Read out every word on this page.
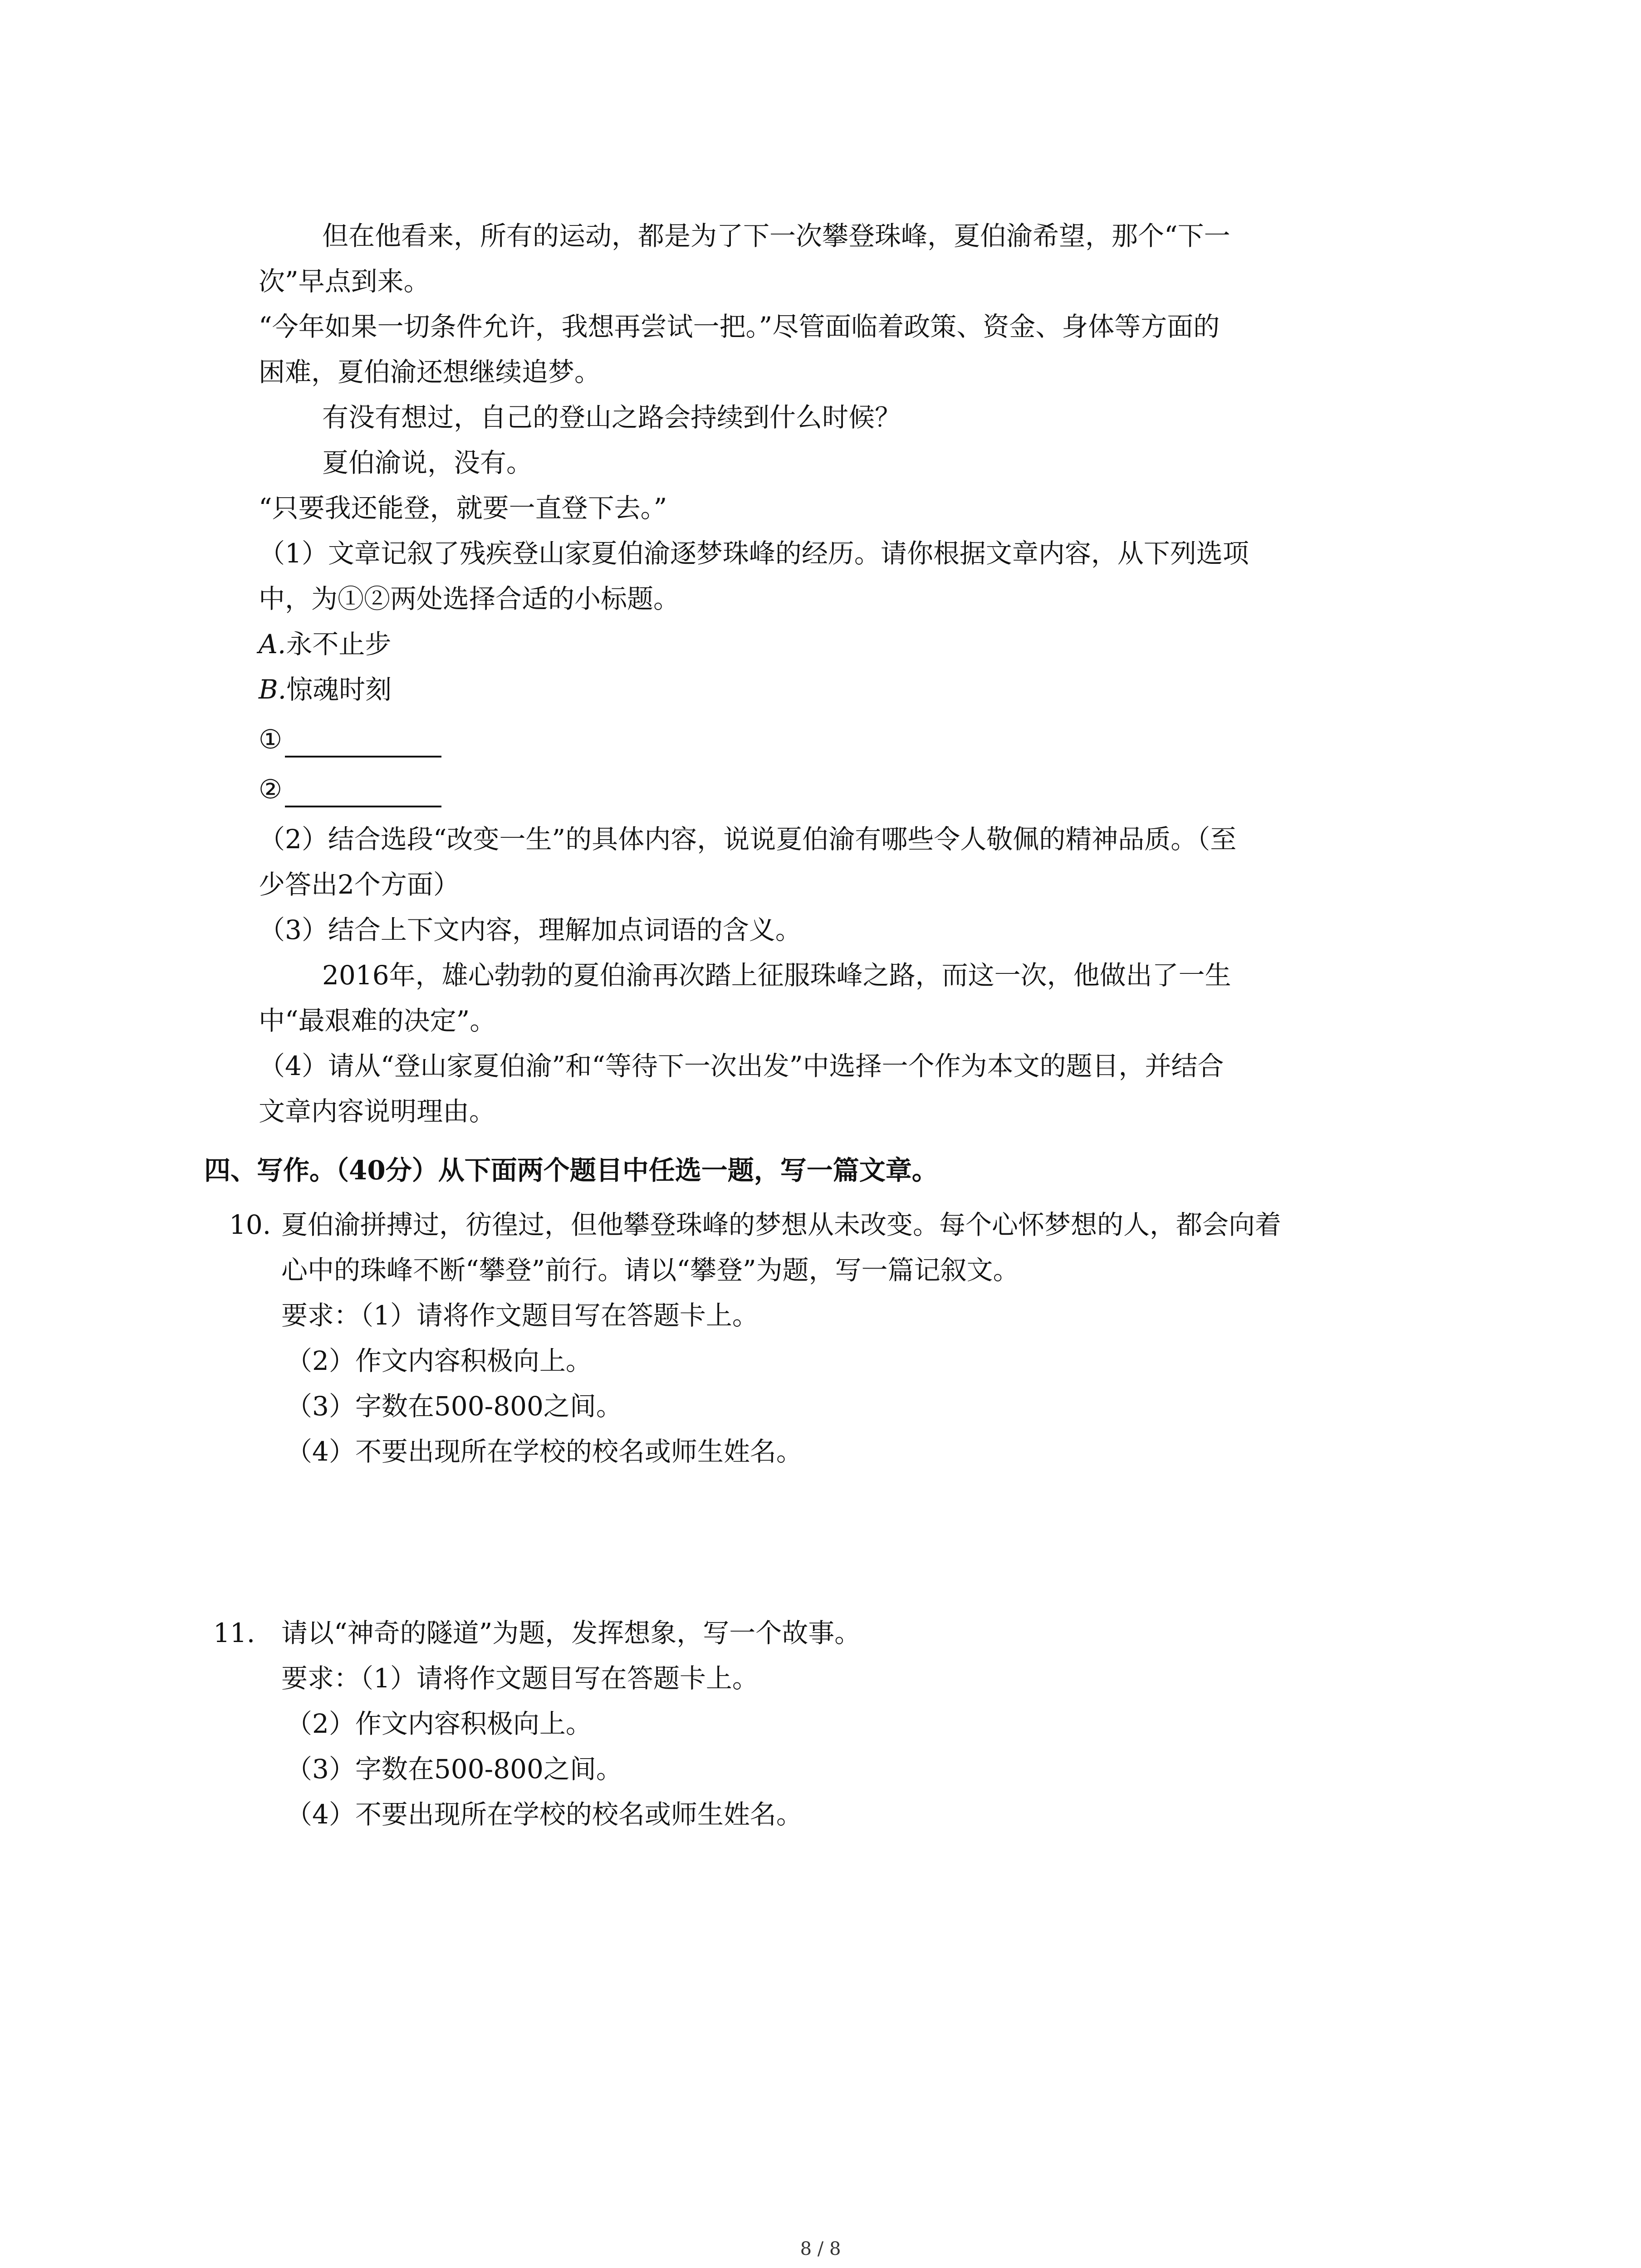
但在他看来，所有的运动，都是为了下一次攀登珠峰，夏伯渝希望，那个“下一
次”早点到来。
“今年如果一切条件允许，我想再尝试一把。”尽管面临着政策、资金、身体等方面的
困难，夏伯渝还想继续追梦。
有没有想过，自己的登山之路会持续到什么时候？
夏伯渝说，没有。
“只要我还能登，就要一直登下去。”
（1）文章记叙了残疾登山家夏伯渝逐梦珠峰的经历。请你根据文章内容，从下列选项
中，为①②两处选择合适的小标题。
A.永不止步
B.惊魂时刻
①
②
（2）结合选段“改变一生”的具体内容，说说夏伯渝有哪些令人敬佩的精神品质。（至
少答出2个方面）
（3）结合上下文内容，理解加点词语的含义。
2016年，雄心勃勃的夏伯渝再次踏上征服珠峰之路，而这一次，他做出了一生
中“最艰难的决定”。
（4）请从“登山家夏伯渝”和“等待下一次出发”中选择一个作为本文的题目，并结合
文章内容说明理由。
四、写作。（40分）从下面两个题目中任选一题，写一篇文章。
10. 夏伯渝拼搏过，彷徨过，但他攀登珠峰的梦想从未改变。每个心怀梦想的人，都会向着
心中的珠峰不断“攀登”前行。请以“攀登”为题，写一篇记叙文。
要求：（1）请将作文题目写在答题卡上。
（2）作文内容积极向上。
（3）字数在500-800之间。
（4）不要出现所在学校的校名或师生姓名。
11. 请以“神奇的隧道”为题，发挥想象，写一个故事。
要求：（1）请将作文题目写在答题卡上。
（2）作文内容积极向上。
（3）字数在500-800之间。
（4）不要出现所在学校的校名或师生姓名。
8 / 8
